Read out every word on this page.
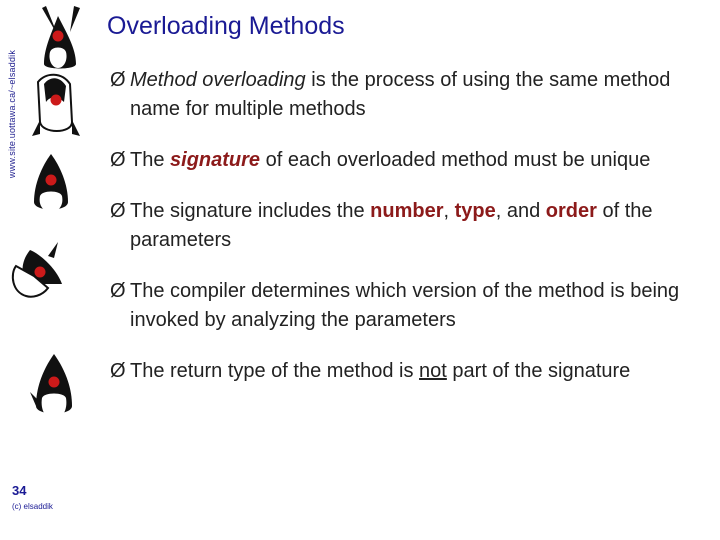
www.site.uottawa.ca/~elsaddik
Overloading Methods
Ø Method overloading is the process of using the same method name for multiple methods
Ø The signature of each overloaded method must be unique
Ø The signature includes the number, type, and order of the parameters
Ø The compiler determines which version of the method is being invoked by analyzing the parameters
Ø The return type of the method is not part of the signature
34
(c) elsaddik
